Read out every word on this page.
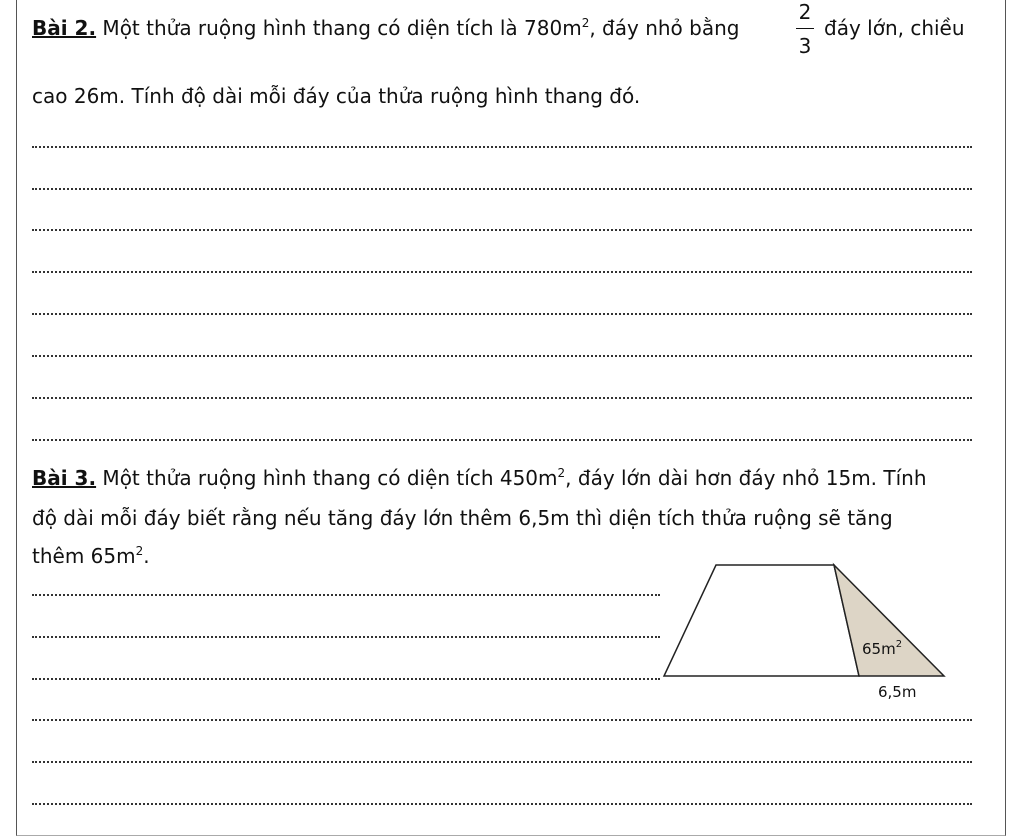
Bài 2. Một thửa ruộng hình thang có diện tích là $780m^2$, đáy nhỏ bằng
2
3
đáy lớn, chiều
cao 26m. Tính độ dài mỗi đáy của thửa ruộng hình thang đó.
Bài 3. Một thửa ruộng hình thang có diện tích $450m^2$, đáy lớn dài hơn đáy nhỏ 15m. Tính
độ dài mỗi đáy biết rằng nếu tăng đáy lớn thêm 6,5m thì diện tích thửa ruộng sẽ tăng
thêm $65m^2$.
$65m^2$
6,5m
